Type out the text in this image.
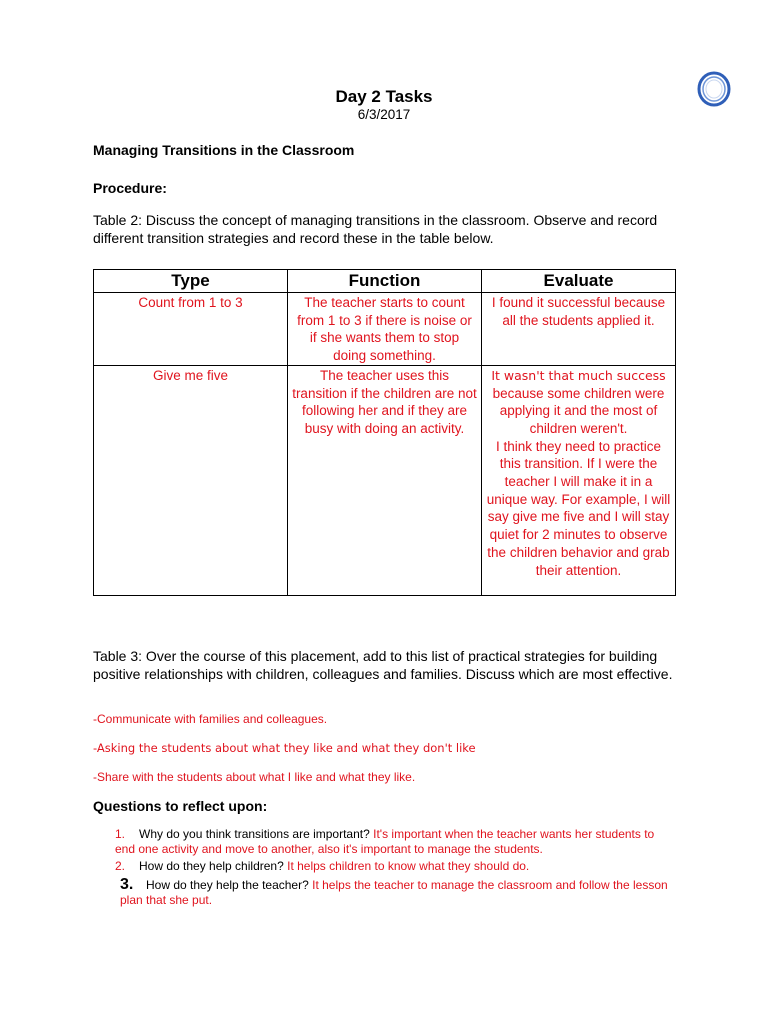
Day 2 Tasks
6/3/2017
Managing Transitions in the Classroom
Procedure:
Table 2: Discuss the concept of managing transitions in the classroom. Observe and record different transition strategies and record these in the table below.
Type	Function	Evaluate
Count from 1 to 3	The teacher starts to count from 1 to 3 if there is noise or if she wants them to stop doing something.	I found it successful because all the students applied it.
Give me five	The teacher uses this transition if the children are not following her and if they are busy with doing an activity.	It wasn't that much success
because some children were applying it and the most of children weren't.
I think they need to practice this transition. If I were the teacher I will make it in a unique way. For example, I will say give me five and I will stay quiet for 2 minutes to observe the children behavior and grab their attention.
Table 3: Over the course of this placement, add to this list of practical strategies for building positive relationships with children, colleagues and families. Discuss which are most effective.
-Communicate with families and colleagues.
-Asking the students about what they like and what they don't like
-Share with the students about what I like and what they like.
Questions to reflect upon:
1. Why do you think transitions are important? It's important when the teacher wants her students to end one activity and move to another, also it's important to manage the students.
2. How do they help children? It helps children to know what they should do.
3. How do they help the teacher? It helps the teacher to manage the classroom and follow the lesson plan that she put.
